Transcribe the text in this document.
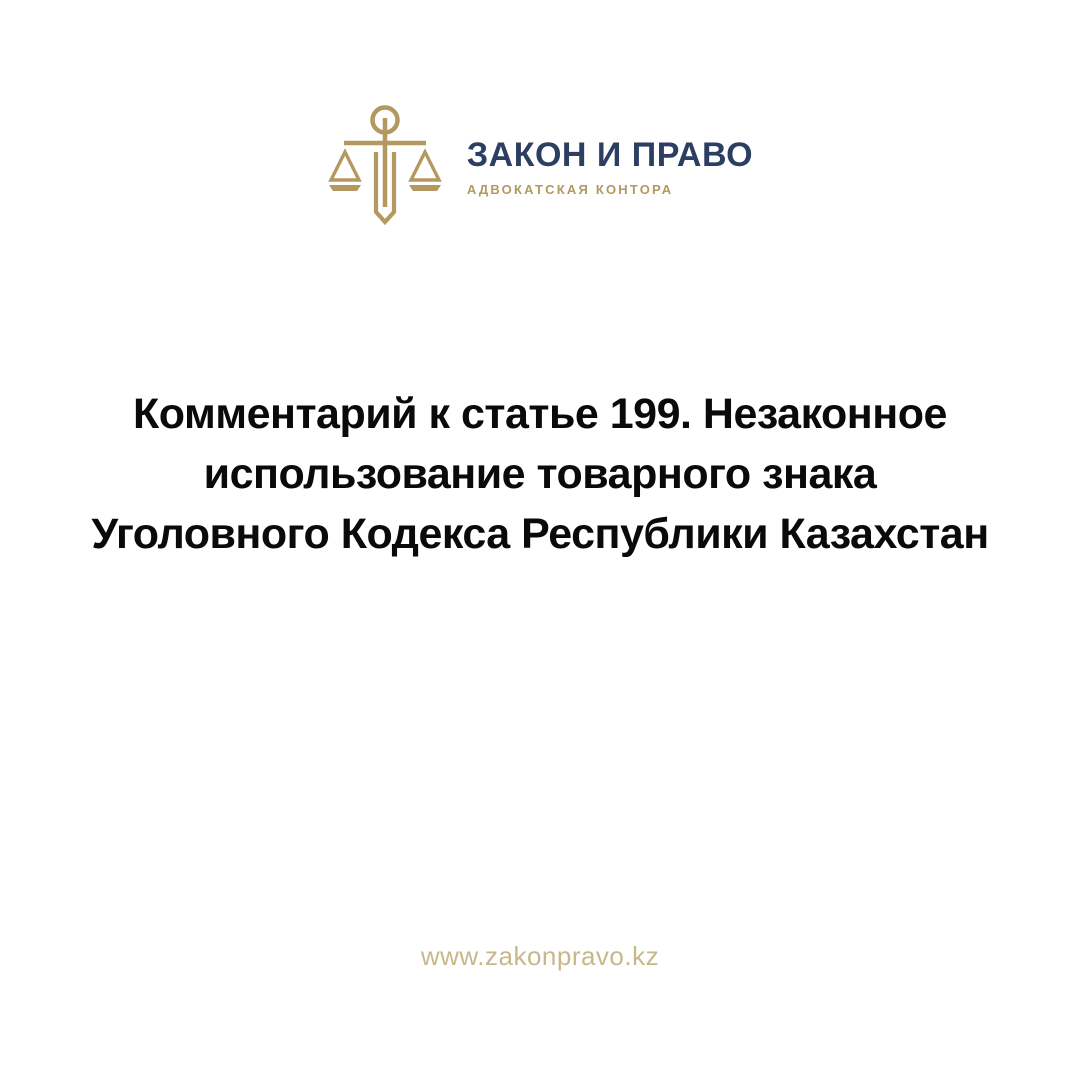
ЗАКОН И ПРАВО
АДВОКАТСКАЯ КОНТОРА
Комментарий к статье 199. Незаконное
использование товарного знака
Уголовного Кодекса Республики Казахстан
www.zakonpravo.kz
